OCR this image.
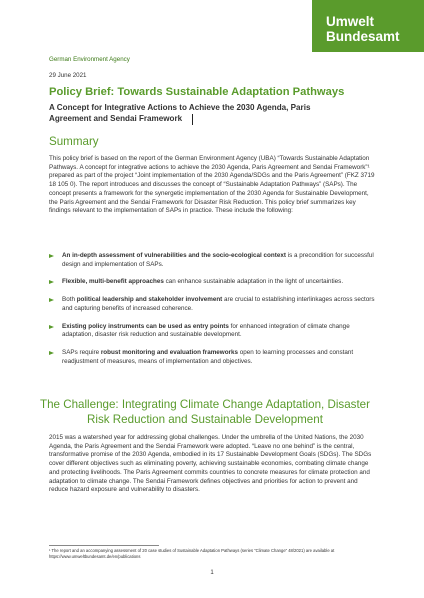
Umwelt
Bundesamt
German Environment Agency
29 June 2021
Policy Brief: Towards Sustainable Adaptation Pathways

A Concept for Integrative Actions to Achieve the 2030 Agenda, Paris Agreement and Sendai Framework

Summary

This policy brief is based on the report of the German Environment Agency (UBA) “Towards Sustainable Adaptation Pathways. A concept for integrative actions to achieve the 2030 Agenda, Paris Agreement and Sendai Framework”¹ prepared as part of the project “Joint implementation of the 2030 Agenda/SDGs and the Paris Agreement” (FKZ 3719 18 105 0). The report introduces and discusses the concept of “Sustainable Adaptation Pathways” (SAPs). The concept presents a framework for the synergetic implementation of the 2030 Agenda for Sustainable Development, the Paris Agreement and the Sendai Framework for Disaster Risk Reduction. This policy brief summarizes key findings relevant to the implementation of SAPs in practice. These include the following:

An in-depth assessment of vulnerabilities and the socio-ecological context is a precondition for successful design and implementation of SAPs.
Flexible, multi-benefit approaches can enhance sustainable adaptation in the light of uncertainties.
Both political leadership and stakeholder involvement are crucial to establishing interlinkages across sectors and capturing benefits of increased coherence.
Existing policy instruments can be used as entry points for enhanced integration of climate change adaptation, disaster risk reduction and sustainable development.
SAPs require robust monitoring and evaluation frameworks open to learning processes and constant readjustment of measures, means of implementation and objectives.
The Challenge: Integrating Climate Change Adaptation, Disaster Risk Reduction and Sustainable Development

2015 was a watershed year for addressing global challenges. Under the umbrella of the United Nations, the 2030 Agenda, the Paris Agreement and the Sendai Framework were adopted. “Leave no one behind” is the central, transformative promise of the 2030 Agenda, embodied in its 17 Sustainable Development Goals (SDGs). The SDGs cover different objectives such as eliminating poverty, achieving sustainable economies, combating climate change and protecting livelihoods. The Paris Agreement commits countries to concrete measures for climate protection and adaptation to climate change. The Sendai Framework defines objectives and priorities for action to prevent and reduce hazard exposure and vulnerability to disasters.

¹ The report and an accompanying assessment of 20 case studies of Sustainable Adaptation Pathways (series “Climate Change” 48/2021) are available at https://www.umweltbundesamt.de/en/publications

1
